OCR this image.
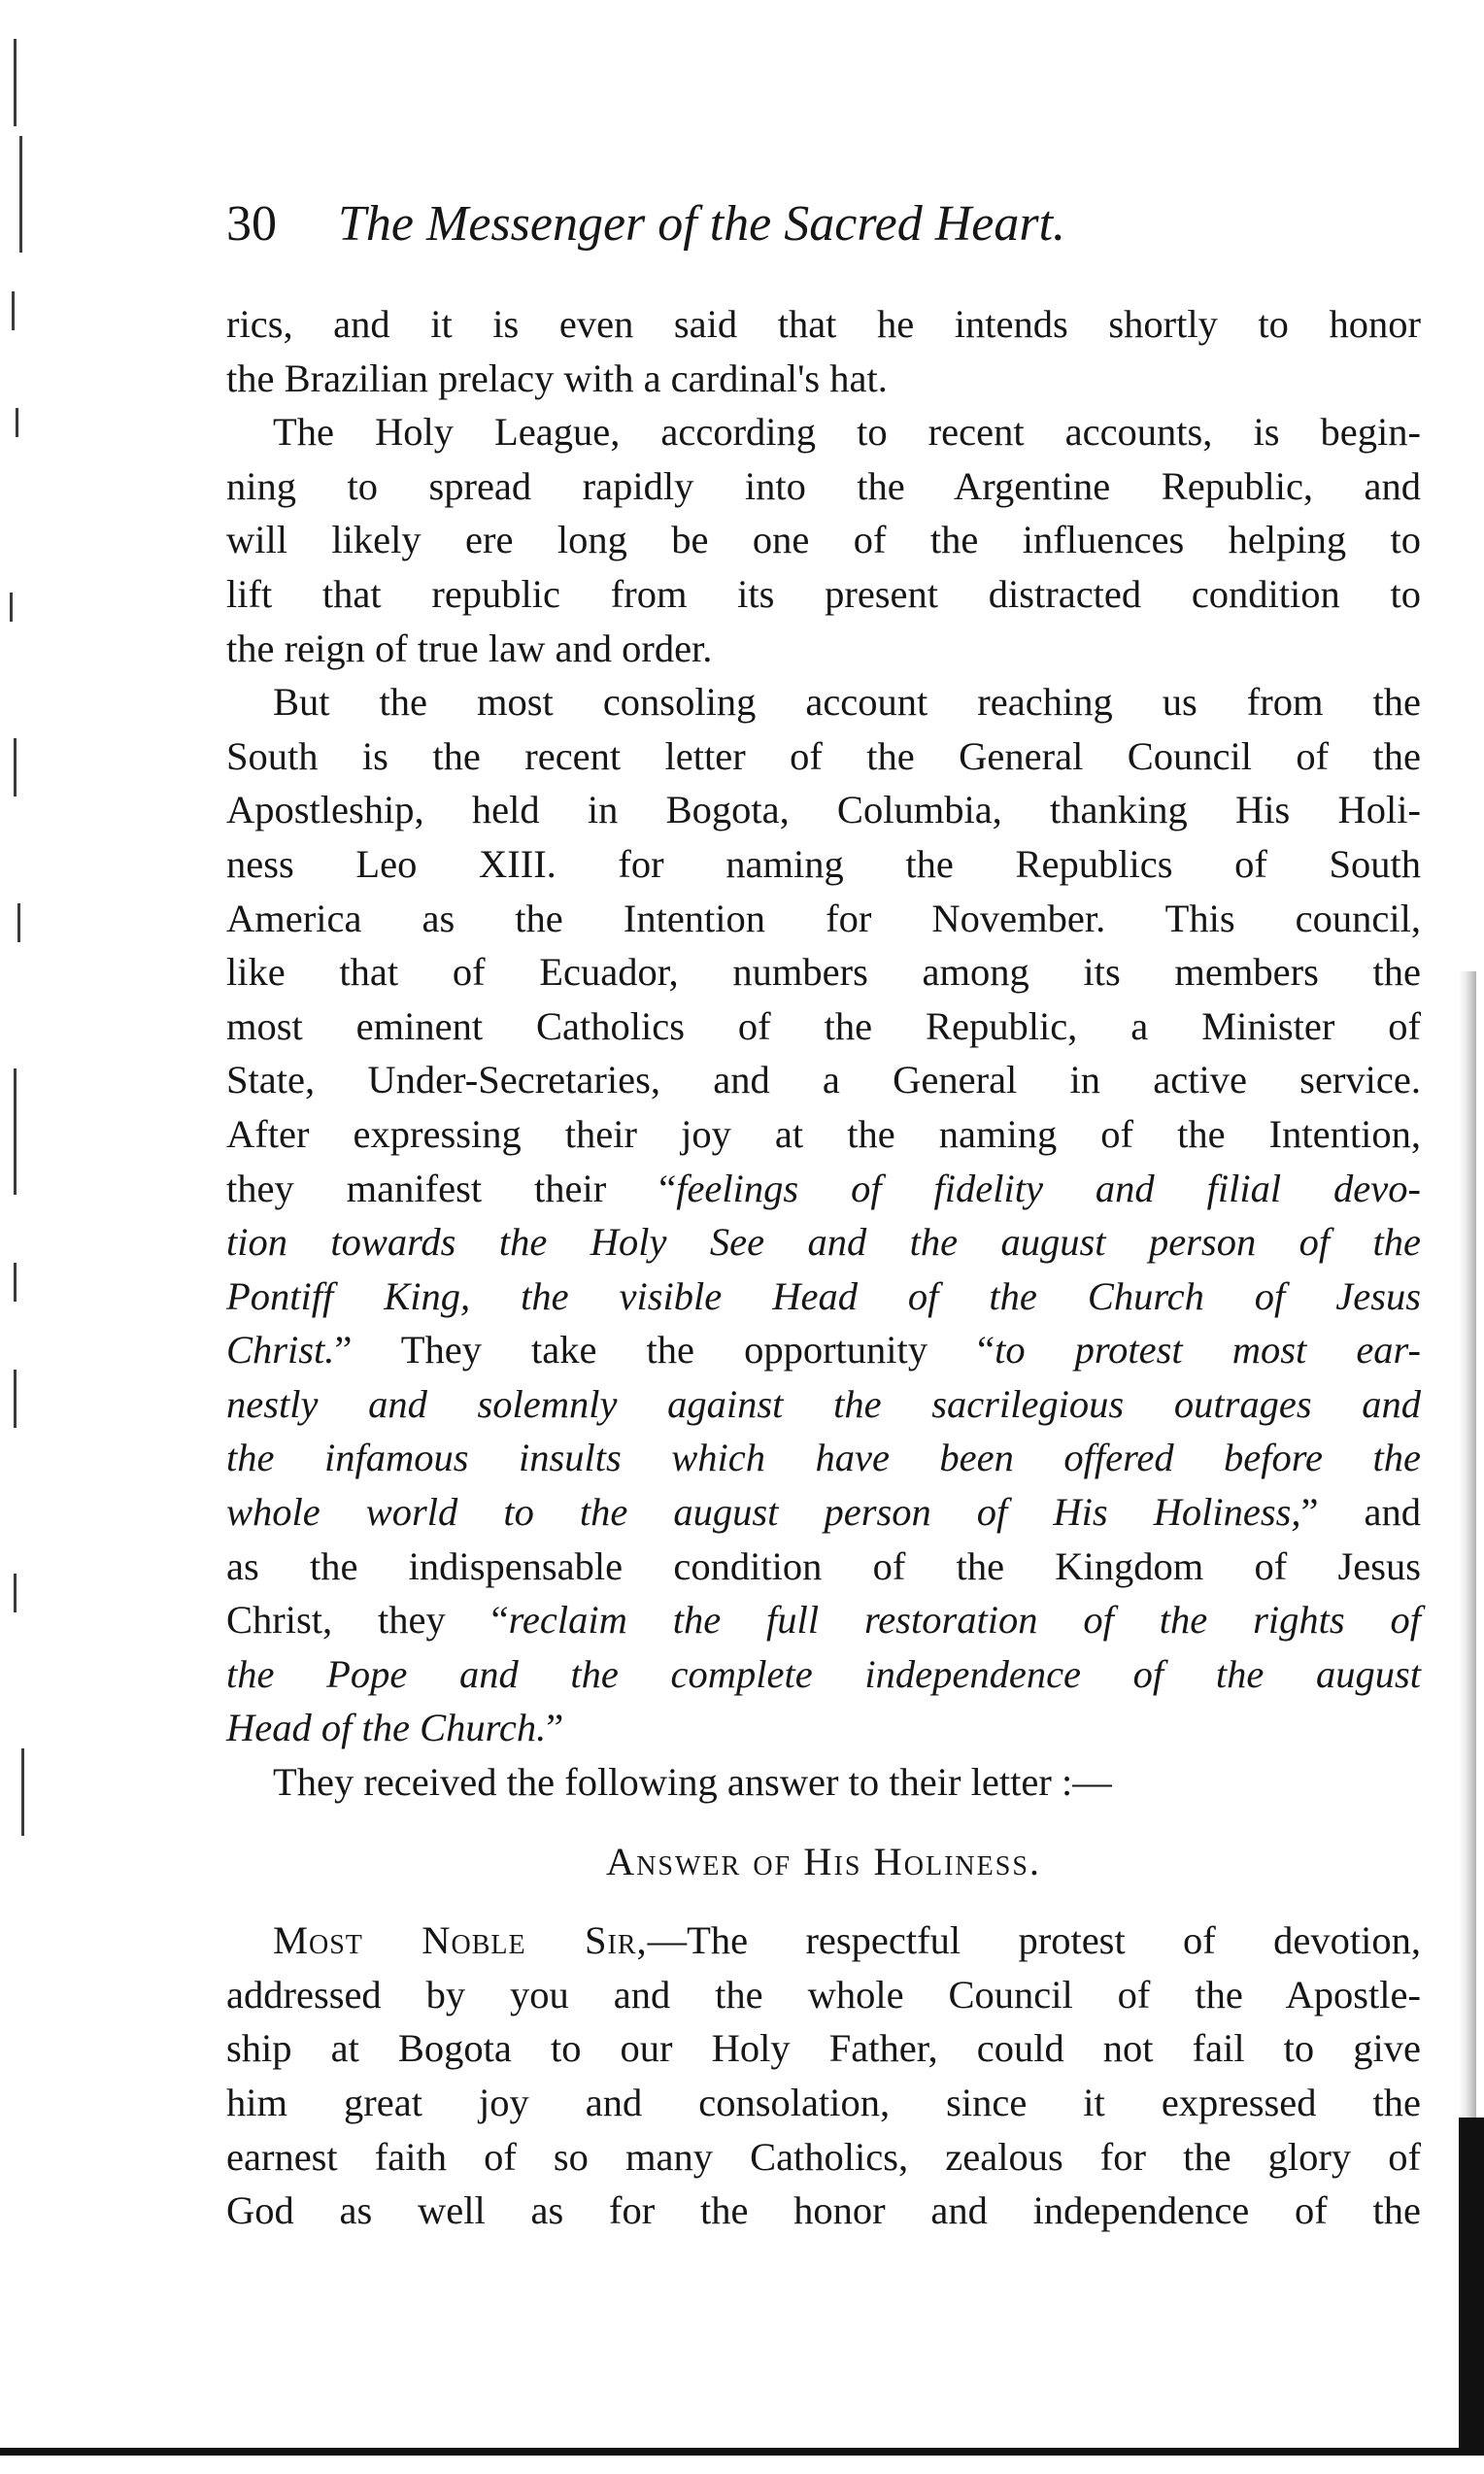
30 The Messenger of the Sacred Heart.
rics, and it is even said that he intends shortly to honor
the Brazilian prelacy with a cardinal's hat.
The Holy League, according to recent accounts, is begin-
ning to spread rapidly into the Argentine Republic, and
will likely ere long be one of the influences helping to
lift that republic from its present distracted condition to
the reign of true law and order.
But the most consoling account reaching us from the
South is the recent letter of the General Council of the
Apostleship, held in Bogota, Columbia, thanking His Holi-
ness Leo XIII. for naming the Republics of South
America as the Intention for November. This council,
like that of Ecuador, numbers among its members the
most eminent Catholics of the Republic, a Minister of
State, Under-Secretaries, and a General in active service.
After expressing their joy at the naming of the Intention,
they manifest their “feelings of fidelity and filial devo-
tion towards the Holy See and the august person of the
Pontiff King, the visible Head of the Church of Jesus
Christ.” They take the opportunity “to protest most ear-
nestly and solemnly against the sacrilegious outrages and
the infamous insults which have been offered before the
whole world to the august person of His Holiness,” and
as the indispensable condition of the Kingdom of Jesus
Christ, they “reclaim the full restoration of the rights of
the Pope and the complete independence of the august
Head of the Church.”
They received the following answer to their letter :—
Answer of His Holiness.
Most Noble Sir,—The respectful protest of devotion,
addressed by you and the whole Council of the Apostle-
ship at Bogota to our Holy Father, could not fail to give
him great joy and consolation, since it expressed the
earnest faith of so many Catholics, zealous for the glory of
God as well as for the honor and independence of the
